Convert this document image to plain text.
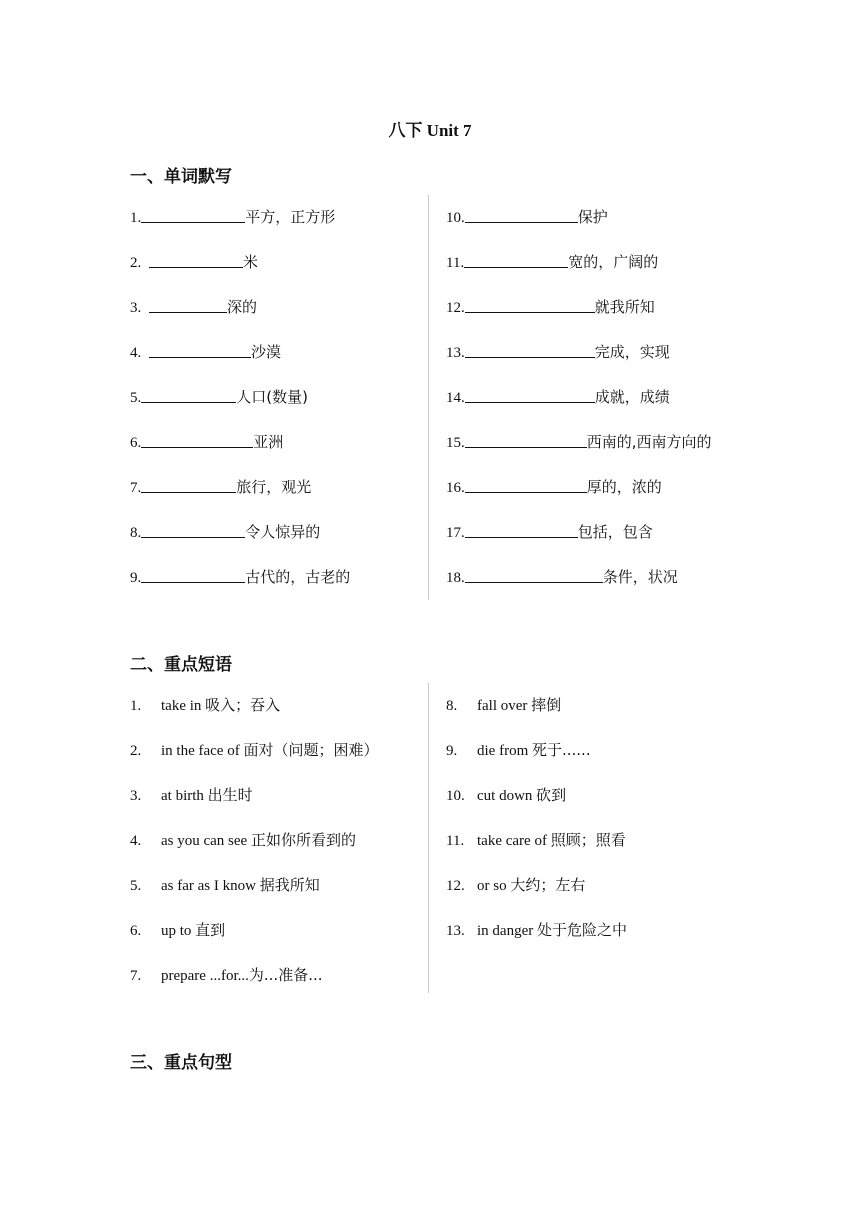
八下 Unit 7
一、单词默写
1.	平方，正方形
2.	米
3.	深的
4.	沙漠
5.	人口(数量)
6.	亚洲
7.	旅行，观光
8.	令人惊异的
9.	古代的，古老的
10.	保护
11.	宽的，广阔的
12.	就我所知
13.	完成，实现
14.	成就，成绩
15.	西南的,西南方向的
16.	厚的，浓的
17.	包括，包含
18.	条件，状况
二、重点短语
1. take in 吸入；吞入
2. in the face of 面对（问题；困难）
3. at birth 出生时
4. as you can see 正如你所看到的
5. as far as I know 据我所知
6. up to 直到
7. prepare ...for...为...准备...
8. fall over 摔倒
9. die from 死于......
10. cut down 砍到
11. take care of 照顾；照看
12. or so 大约；左右
13. in danger 处于危险之中
三、重点句型
